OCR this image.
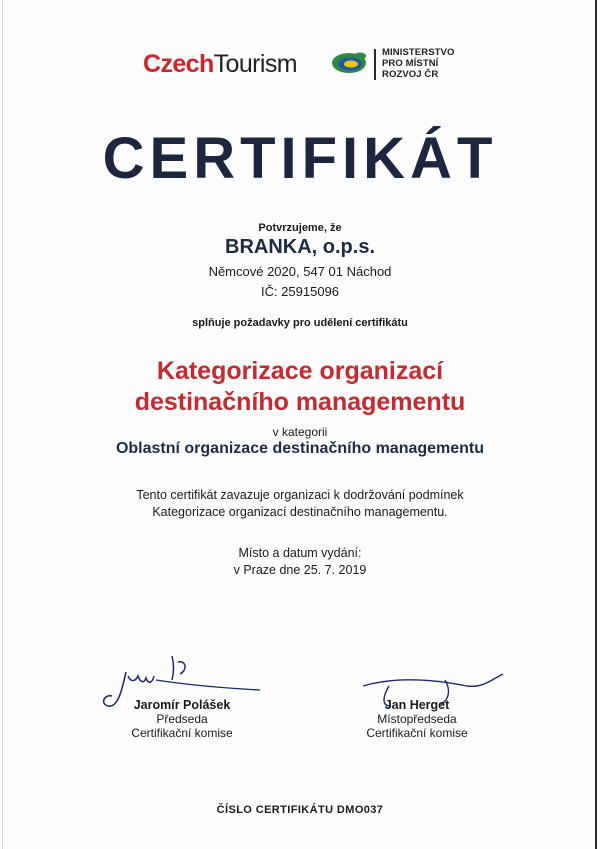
CzechTourism	MINISTERSTVO
PRO MÍSTNÍ
ROZVOJ ČR
CERTIFIKÁT
Potvrzujeme, že
BRANKA, o.p.s.
Němcové 2020, 547 01 Náchod
IČ: 25915096
splňuje požadavky pro udělení certifikátu
Kategorizace organizací
destinačního managementu
v kategorii
Oblastní organizace destinačního managementu
Tento certifikát zavazuje organizaci k dodržování podmínek
Kategorizace organizací destinačního managementu.
Místo a datum vydání:
v Praze dne 25. 7. 2019
Jaromír Polášek
Předseda
Certifikační komise
Jan Herget
Místopředseda
Certifikační komise
ČÍSLO CERTIFIKÁTU DMO037
